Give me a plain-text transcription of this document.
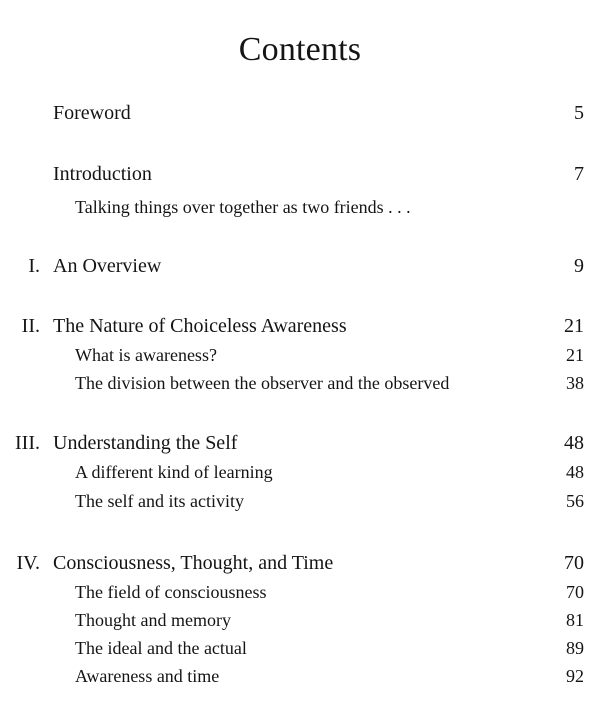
Contents
Foreword	5
Introduction	7
Talking things over together as two friends . . .
I. An Overview	9
II. The Nature of Choiceless Awareness	21
What is awareness?	21
The division between the observer and the observed	38
III. Understanding the Self	48
A different kind of learning	48
The self and its activity	56
IV. Consciousness, Thought, and Time	70
The field of consciousness	70
Thought and memory	81
The ideal and the actual	89
Awareness and time	92
